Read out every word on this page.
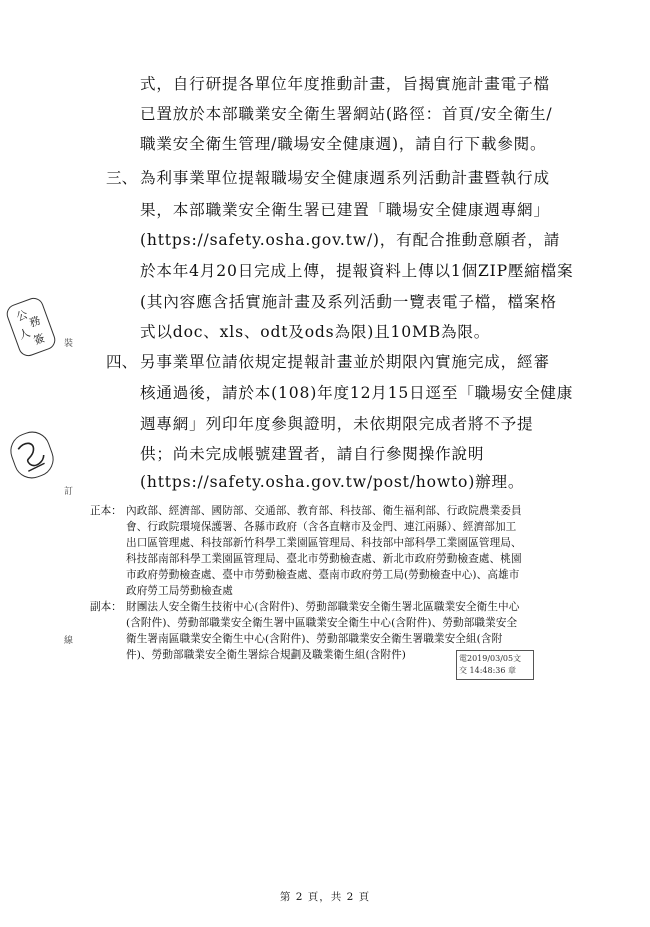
式，自行研提各單位年度推動計畫，旨揭實施計畫電子檔
已置放於本部職業安全衛生署網站(路徑：首頁/安全衛生/
職業安全衛生管理/職場安全健康週)，請自行下載參閱。
三、 為利事業單位提報職場安全健康週系列活動計畫暨執行成
果，本部職業安全衛生署已建置「職場安全健康週專網」
(https://safety.osha.gov.tw/)，有配合推動意願者，請
於本年4月20日完成上傳，提報資料上傳以1個ZIP壓縮檔案
(其內容應含括實施計畫及系列活動一覽表電子檔，檔案格
式以doc、xls、odt及ods為限)且10MB為限。
四、 另事業單位請依規定提報計畫並於期限內實施完成，經審
核通過後，請於本(108)年度12月15日逕至「職場安全健康
週專網」列印年度參與證明，未依期限完成者將不予提
供；尚未完成帳號建置者，請自行參閱操作說明
(https://safety.osha.gov.tw/post/howto)辦理。
正本： 內政部、經濟部、國防部、交通部、教育部、科技部、衛生福利部、行政院農業委員
會、行政院環境保護署、各縣市政府（含各直轄市及金門、連江兩縣）、經濟部加工
出口區管理處、科技部新竹科學工業園區管理局、科技部中部科學工業園區管理局、
科技部南部科學工業園區管理局、臺北市勞動檢查處、新北市政府勞動檢查處、桃園
市政府勞動檢查處、臺中市勞動檢查處、臺南市政府勞工局(勞動檢查中心)、高雄市
政府勞工局勞動檢查處
副本： 財團法人安全衛生技術中心(含附件)、勞動部職業安全衛生署北區職業安全衛生中心
(含附件)、勞動部職業安全衛生署中區職業安全衛生中心(含附件)、勞動部職業安全
衛生署南區職業安全衛生中心(含附件)、勞動部職業安全衛生署職業安全組(含附
件)、勞動部職業安全衛生署綜合規劃及職業衛生組(含附件)	電2019/03/05文
交 14:48:36 章
公
務
人 簽 裝
訂
線
第 2 頁，共 2 頁
